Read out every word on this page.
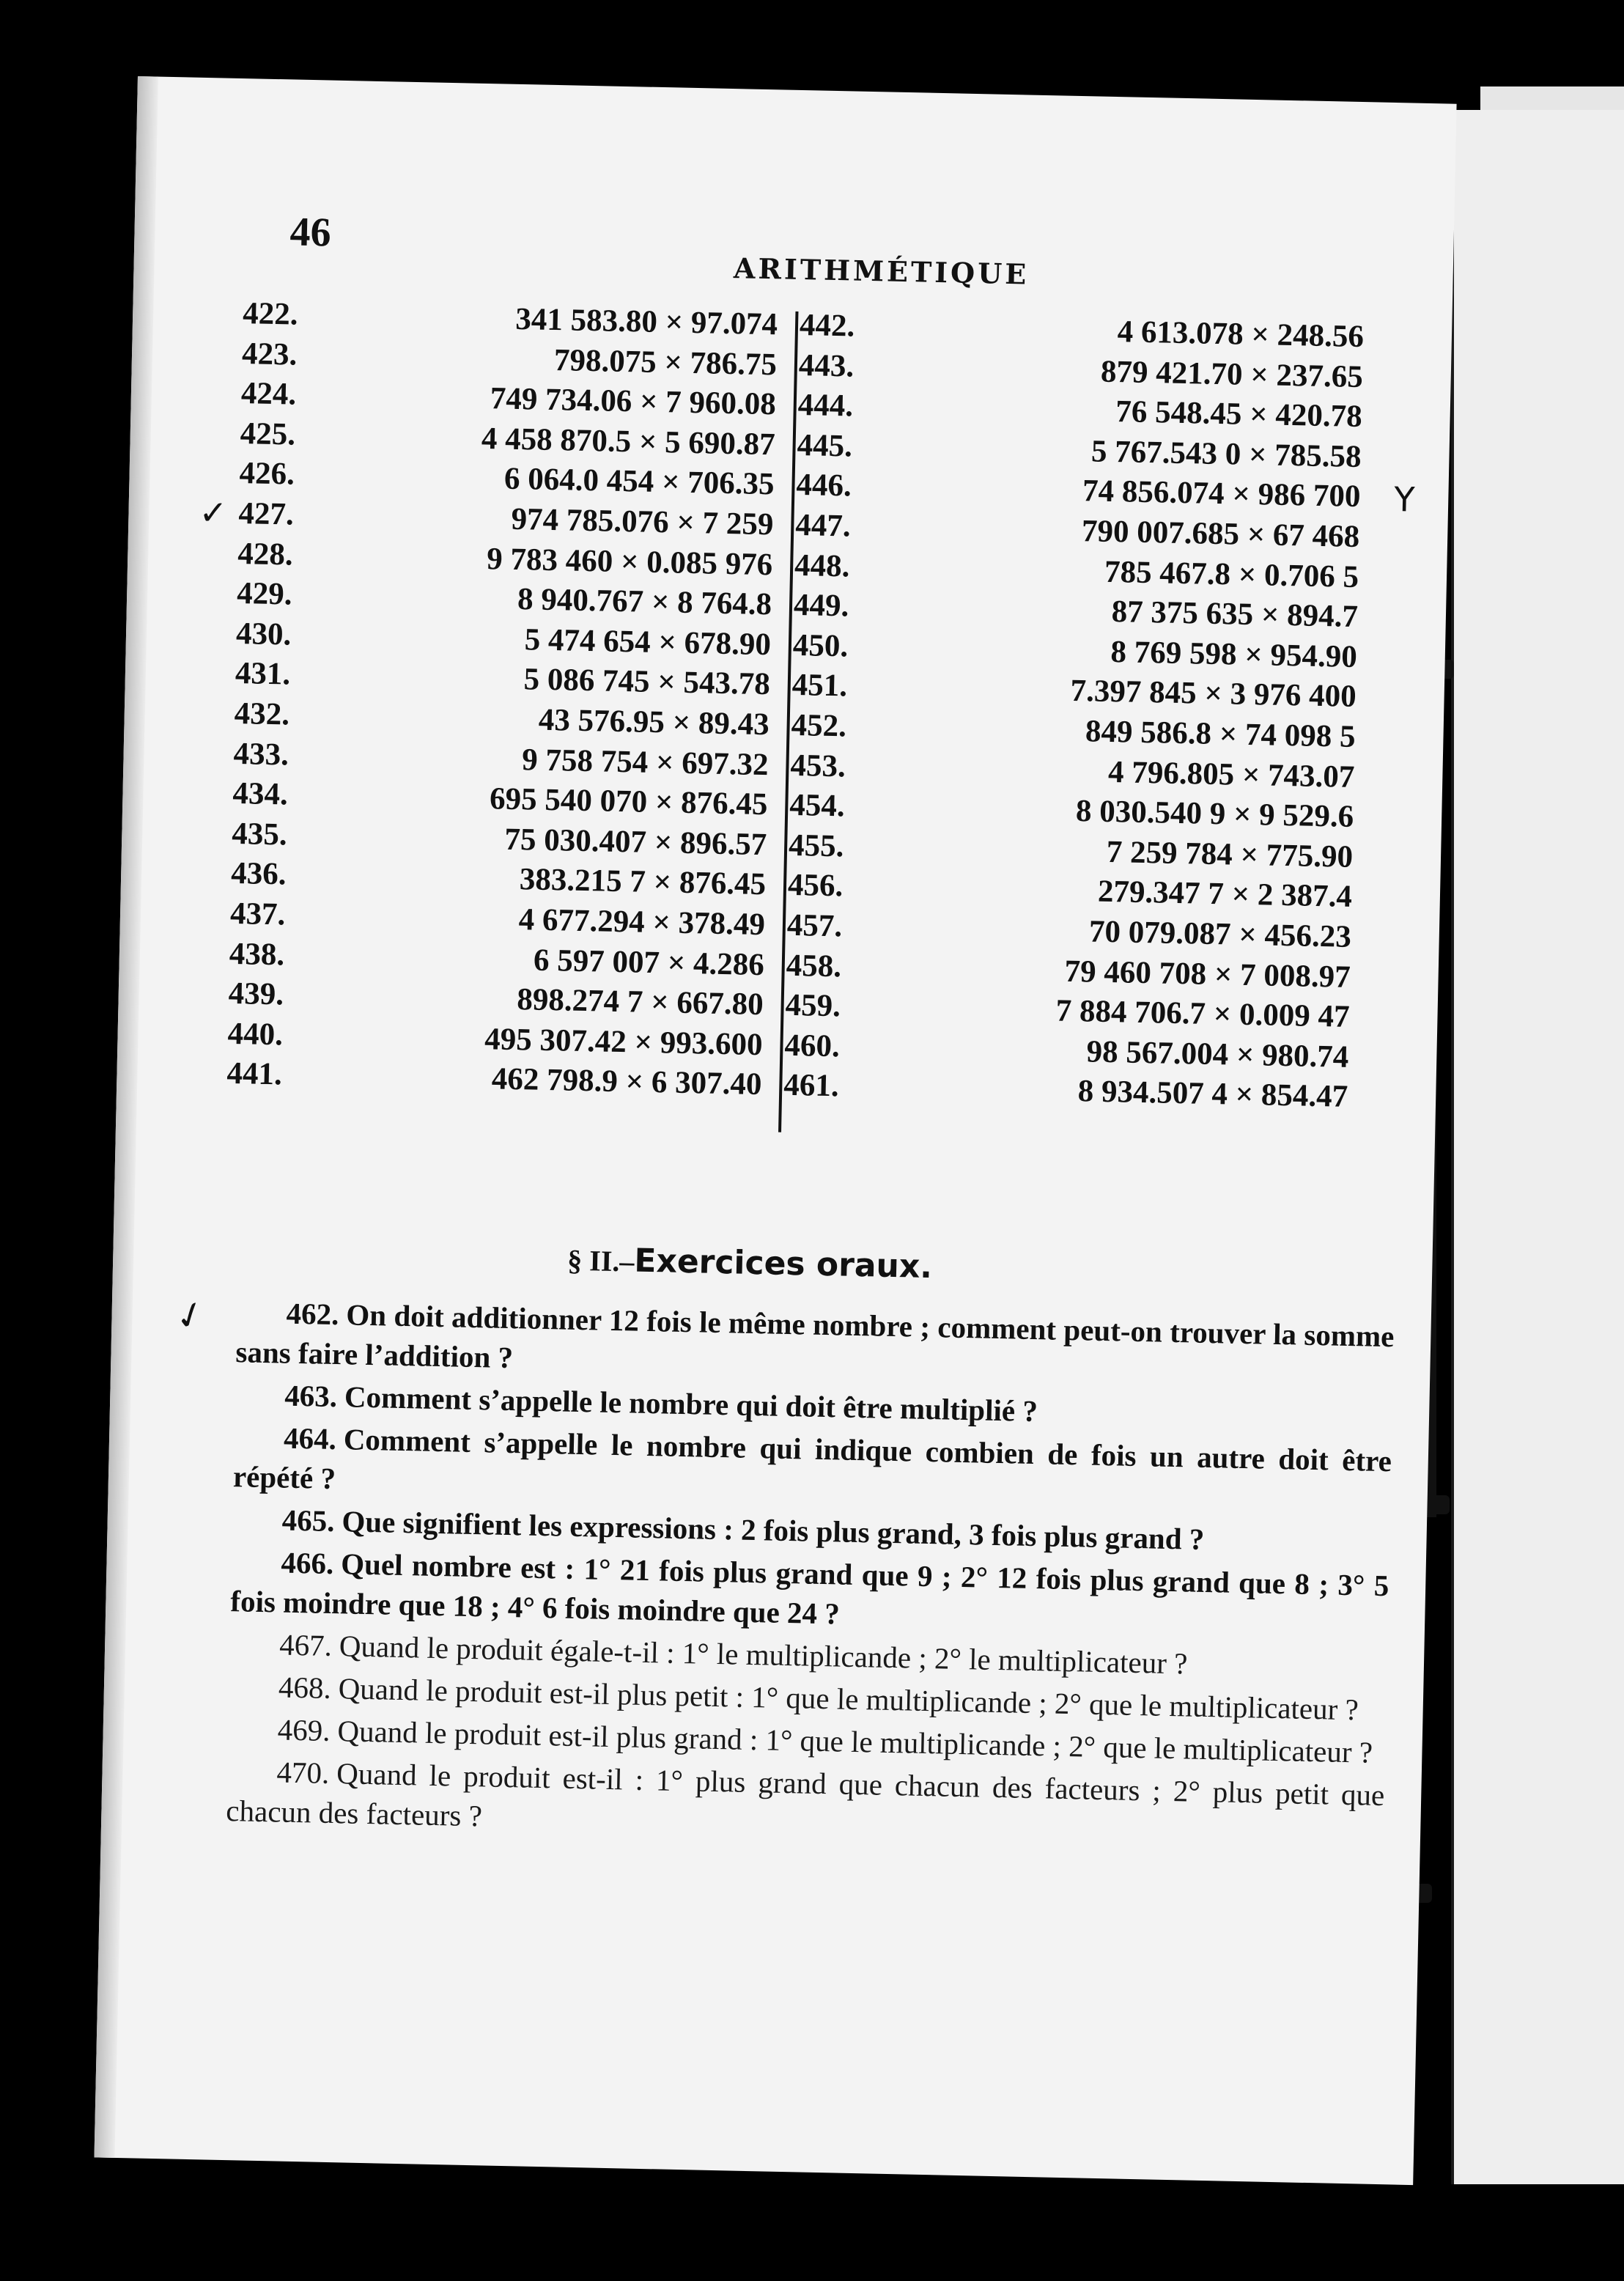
46
ARITHMÉTIQUE
422.	341 583.80 × 97.074
423.	798.075 × 786.75
424.	749 734.06 × 7 960.08
425.	4 458 870.5 × 5 690.87
426.	6 064.0 454 × 706.35
427.	974 785.076 × 7 259
428.	9 783 460 × 0.085 976
429.	8 940.767 × 8 764.8
430.	5 474 654 × 678.90
431.	5 086 745 × 543.78
432.	43 576.95 × 89.43
433.	9 758 754 × 697.32
434.	695 540 070 × 876.45
435.	75 030.407 × 896.57
436.	383.215 7 × 876.45
437.	4 677.294 × 378.49
438.	6 597 007 × 4.286
439.	898.274 7 × 667.80
440.	495 307.42 × 993.600
441.	462 798.9 × 6 307.40
442.	4 613.078 × 248.56
443.	879 421.70 × 237.65
444.	76 548.45 × 420.78
445.	5 767.543 0 × 785.58
446.	74 856.074 × 986 700
447.	790 007.685 × 67 468
448.	785 467.8 × 0.706 5
449.	87 375 635 × 894.7
450.	8 769 598 × 954.90
451.	7.397 845 × 3 976 400
452.	849 586.8 × 74 098 5
453.	4 796.805 × 743.07
454.	8 030.540 9 × 9 529.6
455.	7 259 784 × 775.90
456.	279.347 7 × 2 387.4
457.	70 079.087 × 456.23
458.	79 460 708 × 7 008.97
459.	7 884 706.7 × 0.009 47
460.	98 567.004 × 980.74
461.	8 934.507 4 × 854.47
✓	Y
§ II.–Exercices oraux.
✓	462. On doit additionner 12 fois le même nombre ; comment peut-on trouver la somme sans faire l’addition ?

463. Comment s’appelle le nombre qui doit être multiplié ?

464. Comment s’appelle le nombre qui indique combien de fois un autre doit être répété ?

465. Que signifient les expressions : 2 fois plus grand, 3 fois plus grand ?

466. Quel nombre est : 1° 21 fois plus grand que 9 ; 2° 12 fois plus grand que 8 ; 3° 5 fois moindre que 18 ; 4° 6 fois moindre que 24 ?

467. Quand le produit égale-t-il : 1° le multiplicande ; 2° le multiplicateur ?

468. Quand le produit est-il plus petit : 1° que le multiplicande ; 2° que le multiplicateur ?

469. Quand le produit est-il plus grand : 1° que le multiplicande ; 2° que le multiplicateur ?

470. Quand le produit est-il : 1° plus grand que chacun des facteurs ; 2° plus petit que chacun des facteurs ?
